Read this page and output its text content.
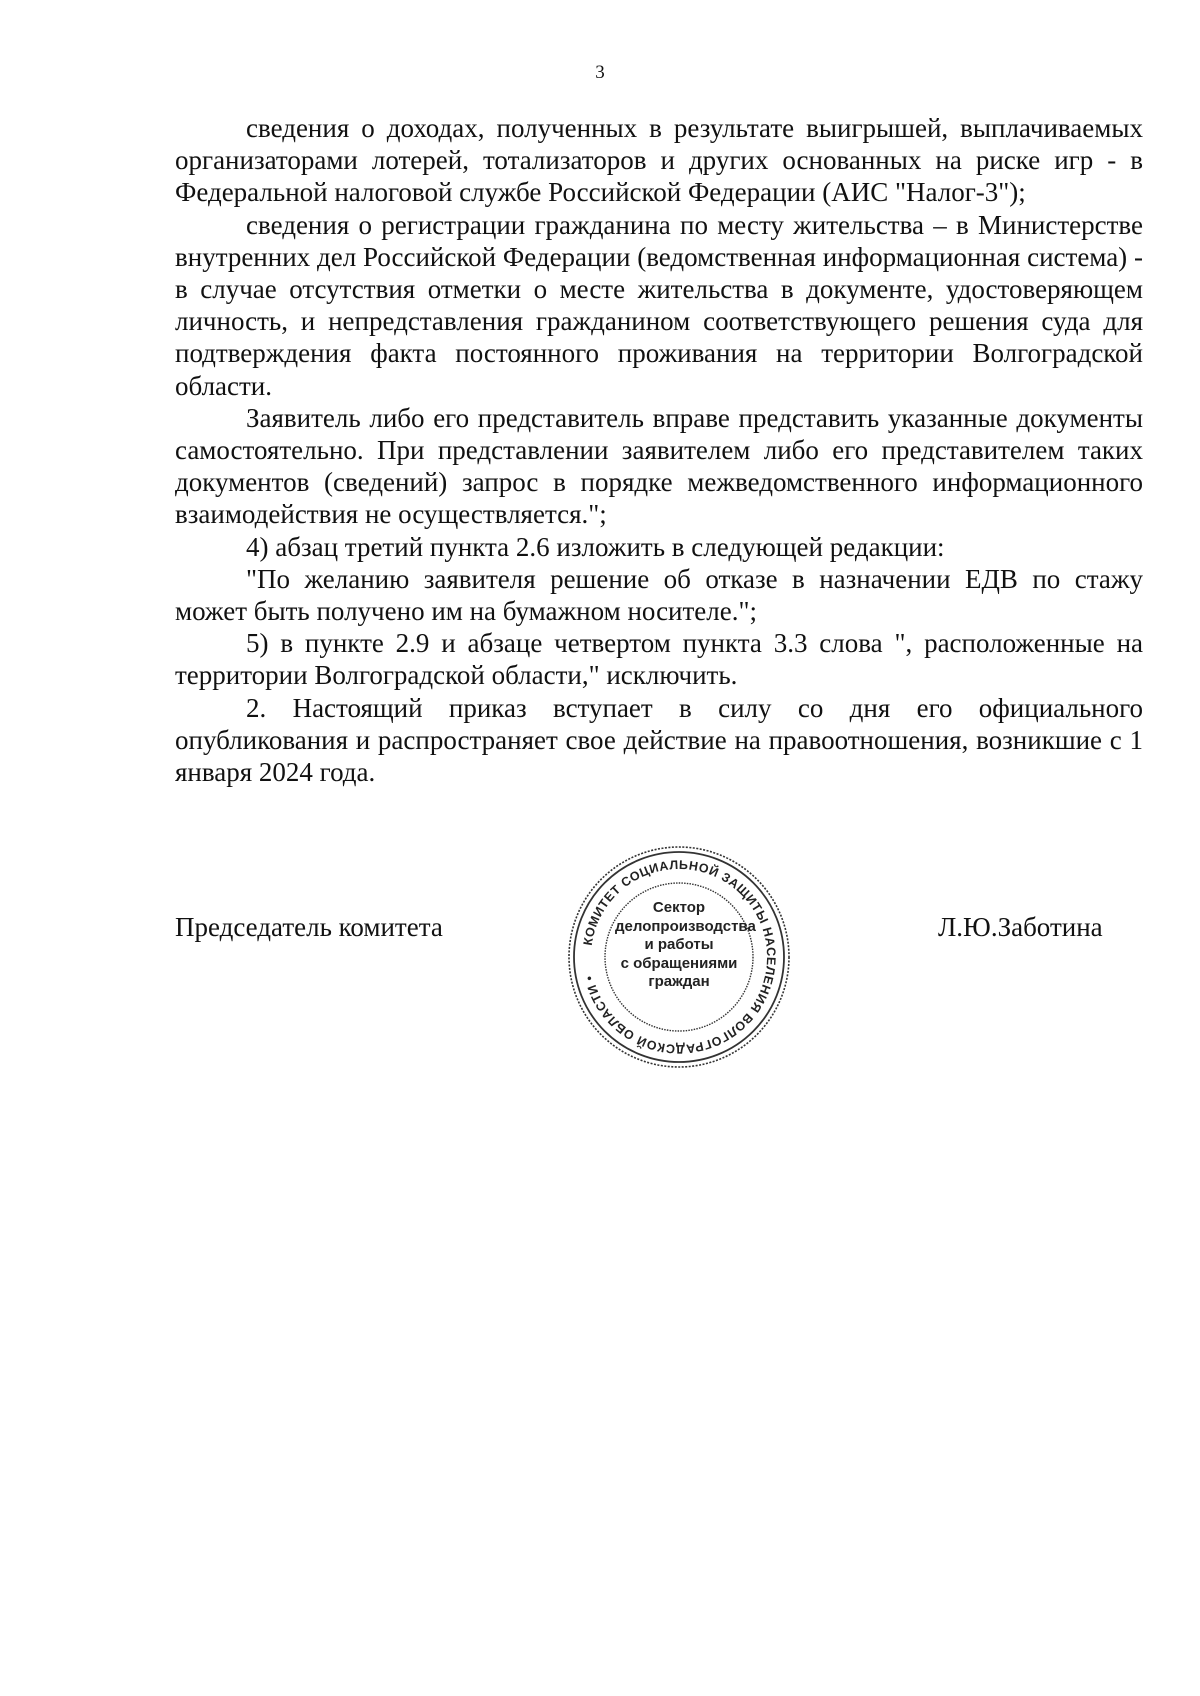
3

сведения о доходах, полученных в результате выигрышей, выплачиваемых организаторами лотерей, тотализаторов и других основанных на риске игр - в Федеральной налоговой службе Российской Федерации (АИС "Налог-3");

сведения о регистрации гражданина по месту жительства – в Министерстве внутренних дел Российской Федерации (ведомственная информационная система) - в случае отсутствия отметки о месте жительства в документе, удостоверяющем личность, и непредставления гражданином соответствующего решения суда для подтверждения факта постоянного проживания на территории Волгоградской области.

Заявитель либо его представитель вправе представить указанные документы самостоятельно. При представлении заявителем либо его представителем таких документов (сведений) запрос в порядке межведомственного информационного взаимодействия не осуществляется.";

4) абзац третий пункта 2.6 изложить в следующей редакции:

"По желанию заявителя решение об отказе в назначении ЕДВ по стажу может быть получено им на бумажном носителе.";

5) в пункте 2.9 и абзаце четвертом пункта 3.3 слова ", расположенные на территории Волгоградской области," исключить.

2. Настоящий приказ вступает в силу со дня его официального опубликования и распространяет свое действие на правоотношения, возникшие с 1 января 2024 года.

Председатель комитета	Л.Ю.Заботина
КОМИТЕТ СОЦИАЛЬНОЙ ЗАЩИТЫ НАСЕЛЕНИЯ ВОЛГОГРАДСКОЙ ОБЛАСТИ •
Сектор
делопроизводства
и работы
с обращениями
граждан
